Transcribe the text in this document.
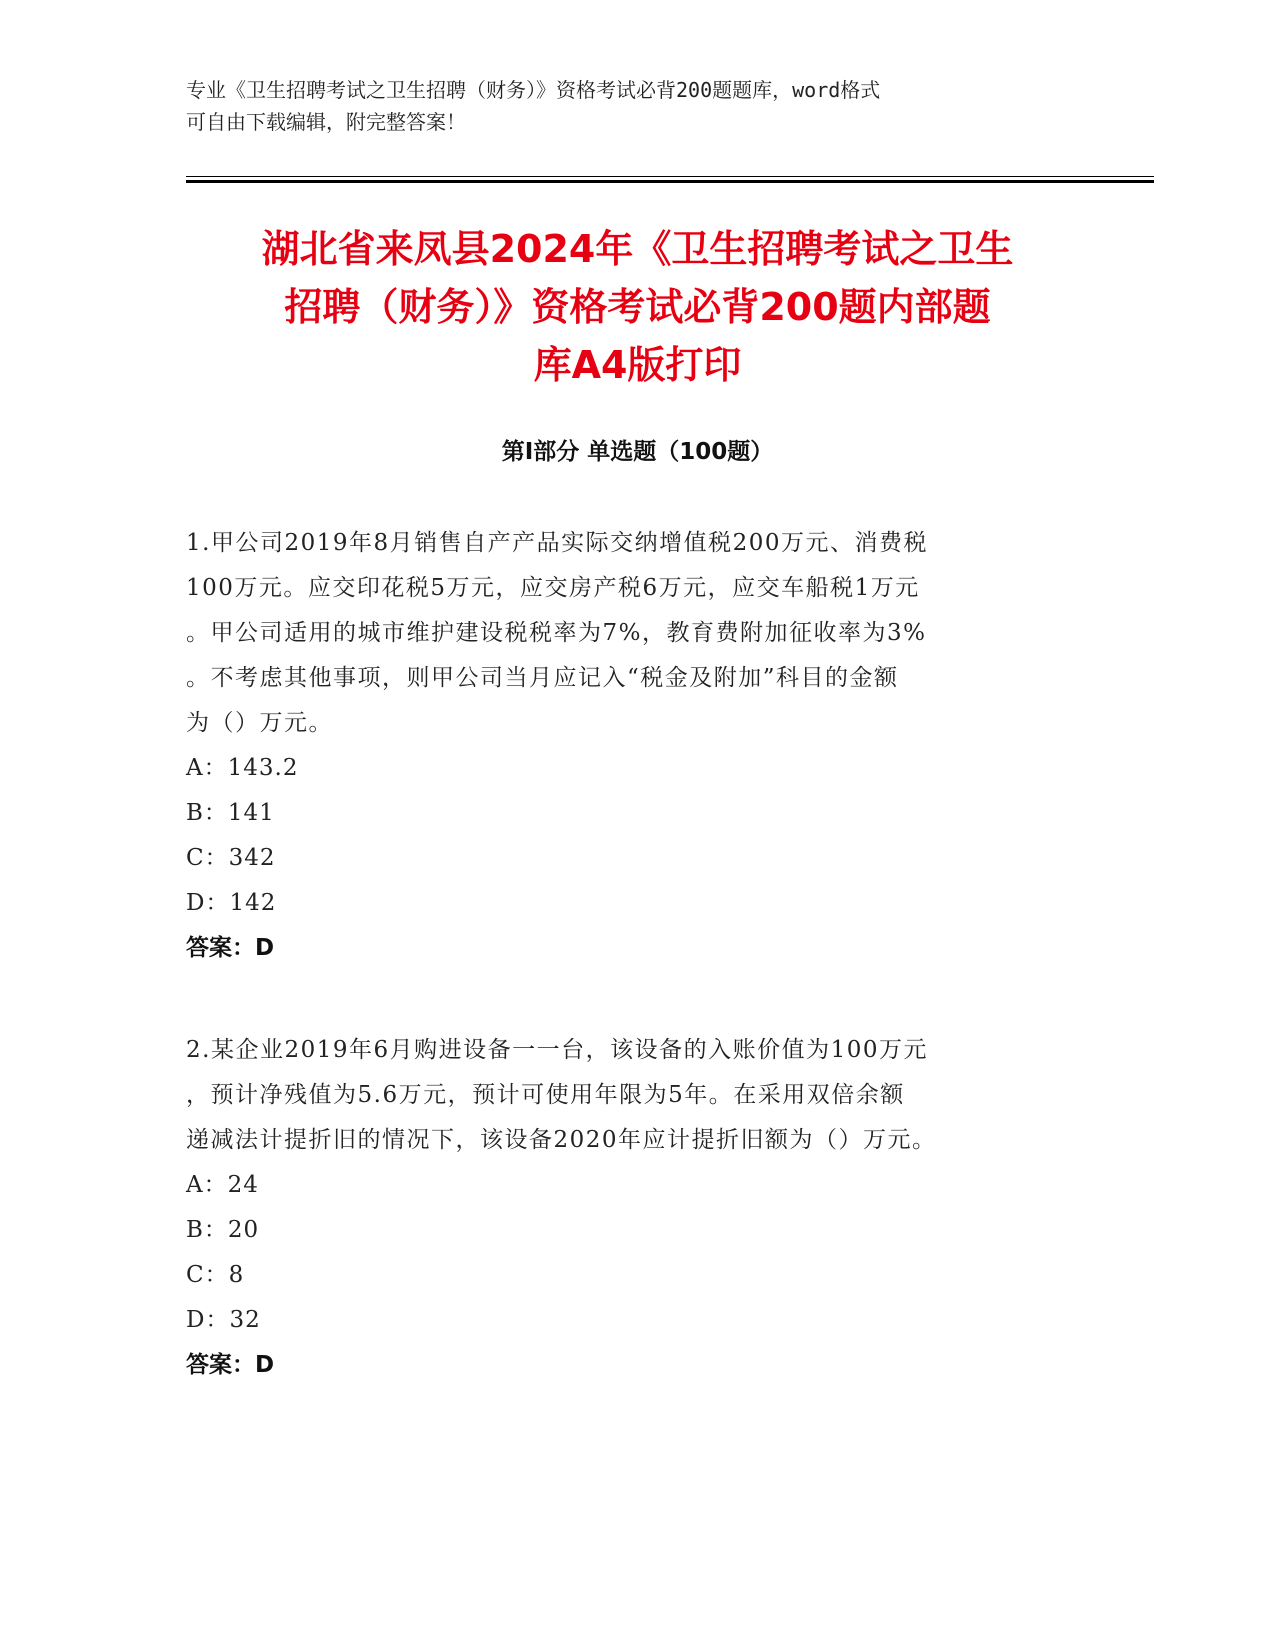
专业《卫生招聘考试之卫生招聘（财务）》资格考试必背200题题库，word格式
可自由下载编辑，附完整答案！
湖北省来凤县2024年《卫生招聘考试之卫生
招聘（财务）》资格考试必背200题内部题
库A4版打印
第Ⅰ部分 单选题（100题）

1.甲公司2019年8月销售自产产品实际交纳增值税200万元、消费税

100万元。应交印花税5万元，应交房产税6万元，应交车船税1万元

。甲公司适用的城市维护建设税税率为7%，教育费附加征收率为3%

。不考虑其他事项，则甲公司当月应记入“税金及附加”科目的金额

为（）万元。

A：143.2

B：141

C：342

D：142

答案：D

2.某企业2019年6月购进设备一一台，该设备的入账价值为100万元

，预计净残值为5.6万元，预计可使用年限为5年。在采用双倍余额

递减法计提折旧的情况下，该设备2020年应计提折旧额为（）万元。

A：24

B：20

C：8

D：32

答案：D
